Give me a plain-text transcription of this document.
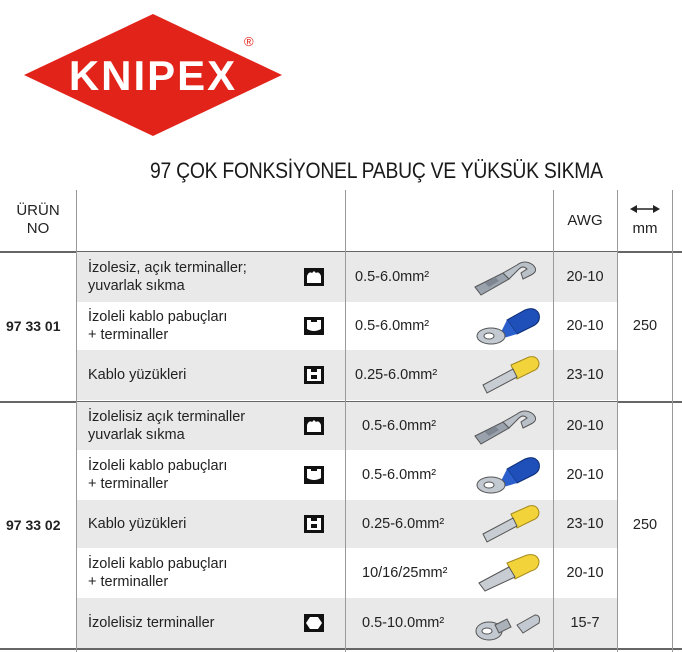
KNIPEX
®
97 ÇOK FONKSİYONEL PABUÇ VE YÜKSÜK SIKMA
ÜRÜN
NO	AWG	mm
İzolesiz, açık terminaller;
yuvarlak sıkma
0.5-6.0mm²	20-10
İzoleli kablo pabuçları
+ terminaller
0.5-6.0mm²	20-10
Kablo yüzükleri	0.25-6.0mm²	23-10
97 33 01	250
İzolelisiz açık terminaller
yuvarlak sıkma
0.5-6.0mm²	20-10
İzoleli kablo pabuçları
+ terminaller
0.5-6.0mm²	20-10
Kablo yüzükleri	0.25-6.0mm²	23-10
İzoleli kablo pabuçları
+ terminaller
10/16/25mm²	20-10
İzolelisiz terminaller	0.5-10.0mm²	15-7
97 33 02	250
